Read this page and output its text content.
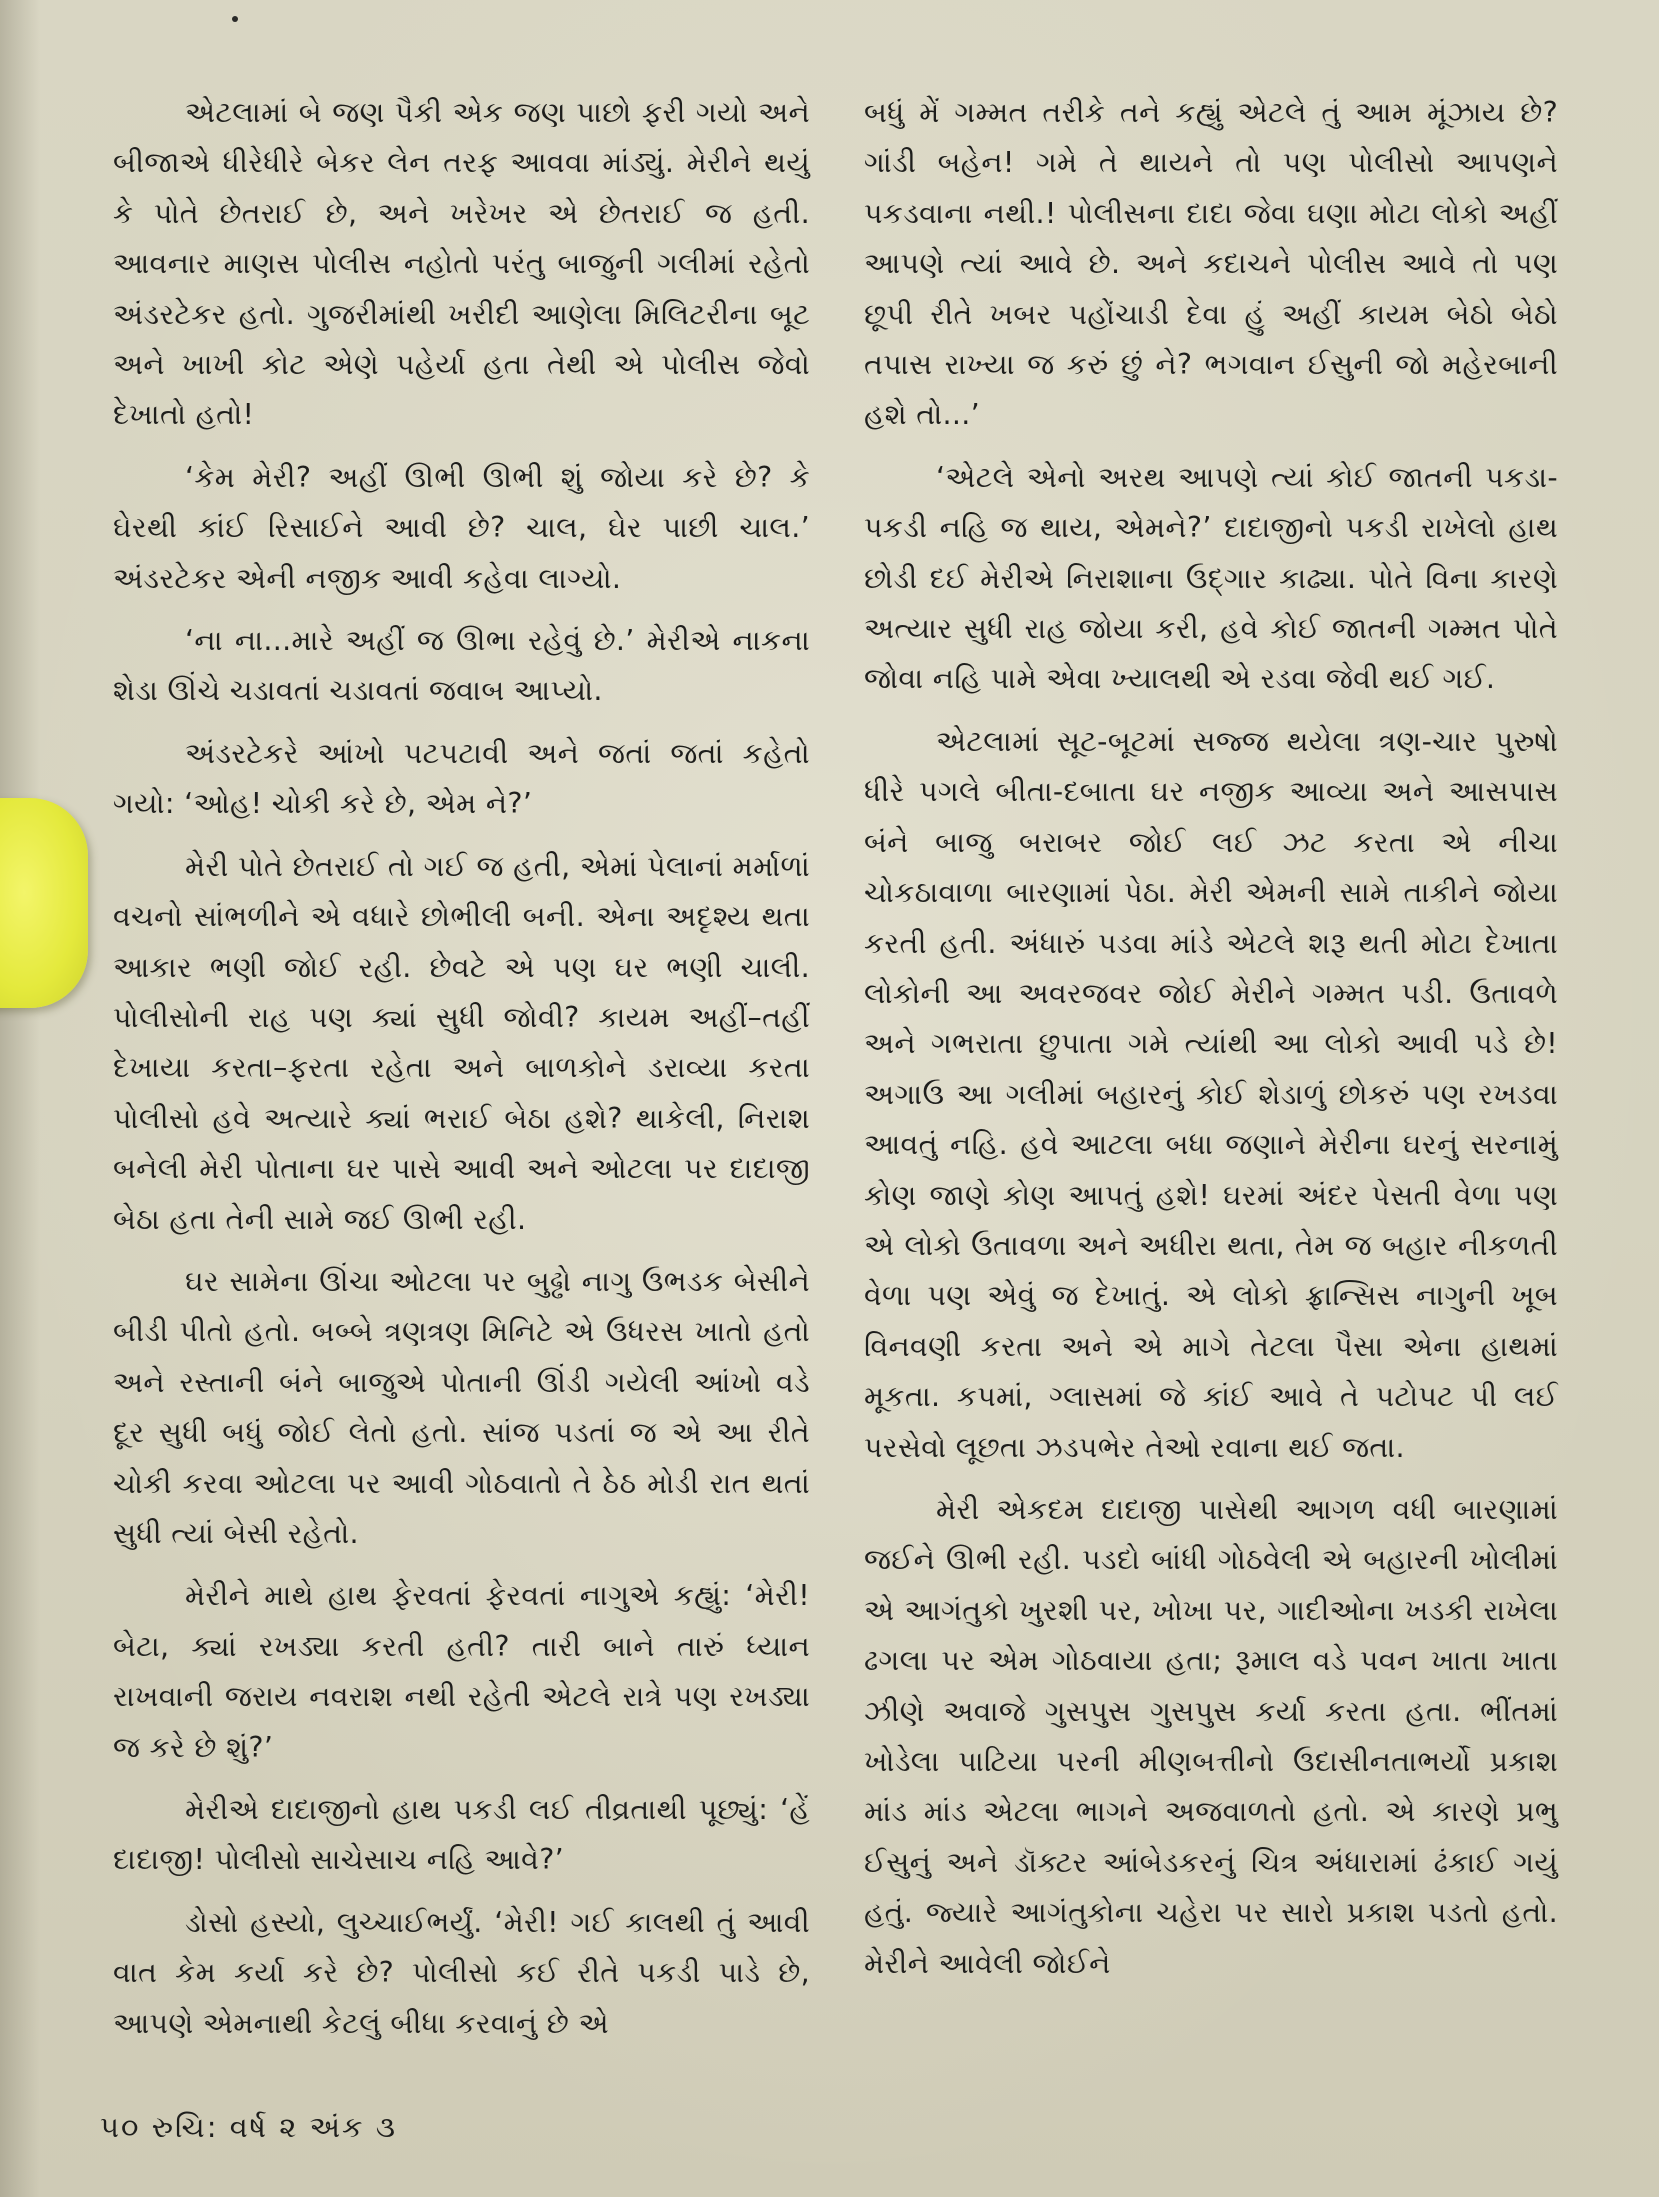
એટલામાં બે જણ પૈકી એક જણ પાછો ફરી ગયો અને બીજાએ ધીરેધીરે બેકર લેન તરફ આવવા માંડ્યું. મેરીને થયું કે પોતે છેતરાઈ છે, અને ખરેખર એ છેતરાઈ જ હતી. આવનાર માણસ પોલીસ નહોતો પરંતુ બાજુની ગલીમાં રહેતો અંડરટેકર હતો. ગુજરીમાંથી ખરીદી આણેલા મિલિટરીના બૂટ અને ખાખી કોટ એણે પહેર્યા હતા તેથી એ પોલીસ જેવો દેખાતો હતો!

‘કેમ મેરી? અહીં ઊભી ઊભી શું જોયા કરે છે? કે ઘેરથી કાંઈ રિસાઈને આવી છે? ચાલ, ઘેર પાછી ચાલ.’ અંડરટેકર એની નજીક આવી કહેવા લાગ્યો.

‘ના ના...મારે અહીં જ ઊભા રહેવું છે.’ મેરીએ નાકના શેડા ઊંચે ચડાવતાં ચડાવતાં જવાબ આપ્યો.

અંડરટેકરે આંખો પટપટાવી અને જતાં જતાં કહેતો ગયો: ‘ઓહ! ચોકી કરે છે, એમ ને?’

મેરી પોતે છેતરાઈ તો ગઈ જ હતી, એમાં પેલાનાં મર્માળાં વચનો સાંભળીને એ વધારે છોભીલી બની. એના અદૃશ્ય થતા આકાર ભણી જોઈ રહી. છેવટે એ પણ ઘર ભણી ચાલી. પોલીસોની રાહ પણ ક્યાં સુધી જોવી? કાયમ અહીં–તહીં દેખાયા કરતા–ફરતા રહેતા અને બાળકોને ડરાવ્યા કરતા પોલીસો હવે અત્યારે ક્યાં ભરાઈ બેઠા હશે? થાકેલી, નિરાશ બનેલી મેરી પોતાના ઘર પાસે આવી અને ઓટલા પર દાદાજી બેઠા હતા તેની સામે જઈ ઊભી રહી.

ઘર સામેના ઊંચા ઓટલા પર બુઢ્ઢો નાગુ ઉભડક બેસીને બીડી પીતો હતો. બબ્બે ત્રણત્રણ મિનિટે એ ઉધરસ ખાતો હતો અને રસ્તાની બંને બાજુએ પોતાની ઊંડી ગયેલી આંખો વડે દૂર સુધી બધું જોઈ લેતો હતો. સાંજ પડતાં જ એ આ રીતે ચોકી કરવા ઓટલા પર આવી ગોઠવાતો તે ઠેઠ મોડી રાત થતાં સુધી ત્યાં બેસી રહેતો.

મેરીને માથે હાથ ફેરવતાં ફેરવતાં નાગુએ કહ્યું: ‘મેરી! બેટા, ક્યાં રખડ્યા કરતી હતી? તારી બાને તારું ધ્યાન રાખવાની જરાય નવરાશ નથી રહેતી એટલે રાત્રે પણ રખડ્યા જ કરે છે શું?’

મેરીએ દાદાજીનો હાથ પકડી લઈ તીવ્રતાથી પૂછ્યું: ‘હેં દાદાજી! પોલીસો સાચેસાચ નહિ આવે?’

ડોસો હસ્યો, લુચ્ચાઈભર્યું. ‘મેરી! ગઈ કાલથી તું આવી વાત કેમ કર્યા કરે છે? પોલીસો કઈ રીતે પકડી પાડે છે, આપણે એમનાથી કેટલું બીધા કરવાનું છે એ

બધું મેં ગમ્મત તરીકે તને કહ્યું એટલે તું આમ મૂંઝાય છે? ગાંડી બહેન! ગમે તે થાયને તો પણ પોલીસો આપણને પકડવાના નથી.! પોલીસના દાદા જેવા ઘણા મોટા લોકો અહીં આપણે ત્યાં આવે છે. અને કદાચને પોલીસ આવે તો પણ છૂપી રીતે ખબર પહોંચાડી દેવા હું અહીં કાયમ બેઠો બેઠો તપાસ રાખ્યા જ કરું છું ને? ભગવાન ઈસુની જો મહેરબાની હશે તો...’

‘એટલે એનો અરથ આપણે ત્યાં કોઈ જાતની પકડા-પકડી નહિ જ થાય, એમને?’ દાદાજીનો પકડી રાખેલો હાથ છોડી દઈ મેરીએ નિરાશાના ઉદ્ગાર કાઢ્યા. પોતે વિના કારણે અત્યાર સુધી રાહ જોયા કરી, હવે કોઈ જાતની ગમ્મત પોતે જોવા નહિ પામે એવા ખ્યાલથી એ રડવા જેવી થઈ ગઈ.

એટલામાં સૂટ-બૂટમાં સજ્જ થયેલા ત્રણ-ચાર પુરુષો ધીરે પગલે બીતા-દબાતા ઘર નજીક આવ્યા અને આસપાસ બંને બાજુ બરાબર જોઈ લઈ ઝટ કરતા એ નીચા ચોકઠાવાળા બારણામાં પેઠા. મેરી એમની સામે તાકીને જોયા કરતી હતી. અંધારું પડવા માંડે એટલે શરૂ થતી મોટા દેખાતા લોકોની આ અવરજવર જોઈ મેરીને ગમ્મત પડી. ઉતાવળે અને ગભરાતા છુપાતા ગમે ત્યાંથી આ લોકો આવી પડે છે! અગાઉ આ ગલીમાં બહારનું કોઈ શેડાળું છોકરું પણ રખડવા આવતું નહિ. હવે આટલા બધા જણાને મેરીના ઘરનું સરનામું કોણ જાણે કોણ આપતું હશે! ઘરમાં અંદર પેસતી વેળા પણ એ લોકો ઉતાવળા અને અધીરા થતા, તેમ જ બહાર નીકળતી વેળા પણ એવું જ દેખાતું. એ લોકો ફ્રાન્સિસ નાગુની ખૂબ વિનવણી કરતા અને એ માગે તેટલા પૈસા એના હાથમાં મૂકતા. કપમાં, ગ્લાસમાં જે કાંઈ આવે તે પટોપટ પી લઈ પરસેવો લૂછતા ઝડપભેર તેઓ રવાના થઈ જતા.

મેરી એકદમ દાદાજી પાસેથી આગળ વધી બારણામાં જઈને ઊભી રહી. પડદો બાંધી ગોઠવેલી એ બહારની ખોલીમાં એ આગંતુકો ખુરશી પર, ખોખા પર, ગાદીઓના ખડકી રાખેલા ઢગલા પર એમ ગોઠવાયા હતા; રૂમાલ વડે પવન ખાતા ખાતા ઝીણે અવાજે ગુસપુસ ગુસપુસ કર્યા કરતા હતા. ભીંતમાં ખોડેલા પાટિયા પરની મીણબત્તીનો ઉદાસીનતાભર્યો પ્રકાશ માંડ માંડ એટલા ભાગને અજવાળતો હતો. એ કારણે પ્રભુ ઈસુનું અને ડૉક્ટર આંબેડકરનું ચિત્ર અંધારામાં ઢંકાઈ ગયું હતું. જ્યારે આગંતુકોના ચહેરા પર સારો પ્રકાશ પડતો હતો. મેરીને આવેલી જોઈને

૫૦ રુચિ: વર્ષ ૨ અંક ૩
